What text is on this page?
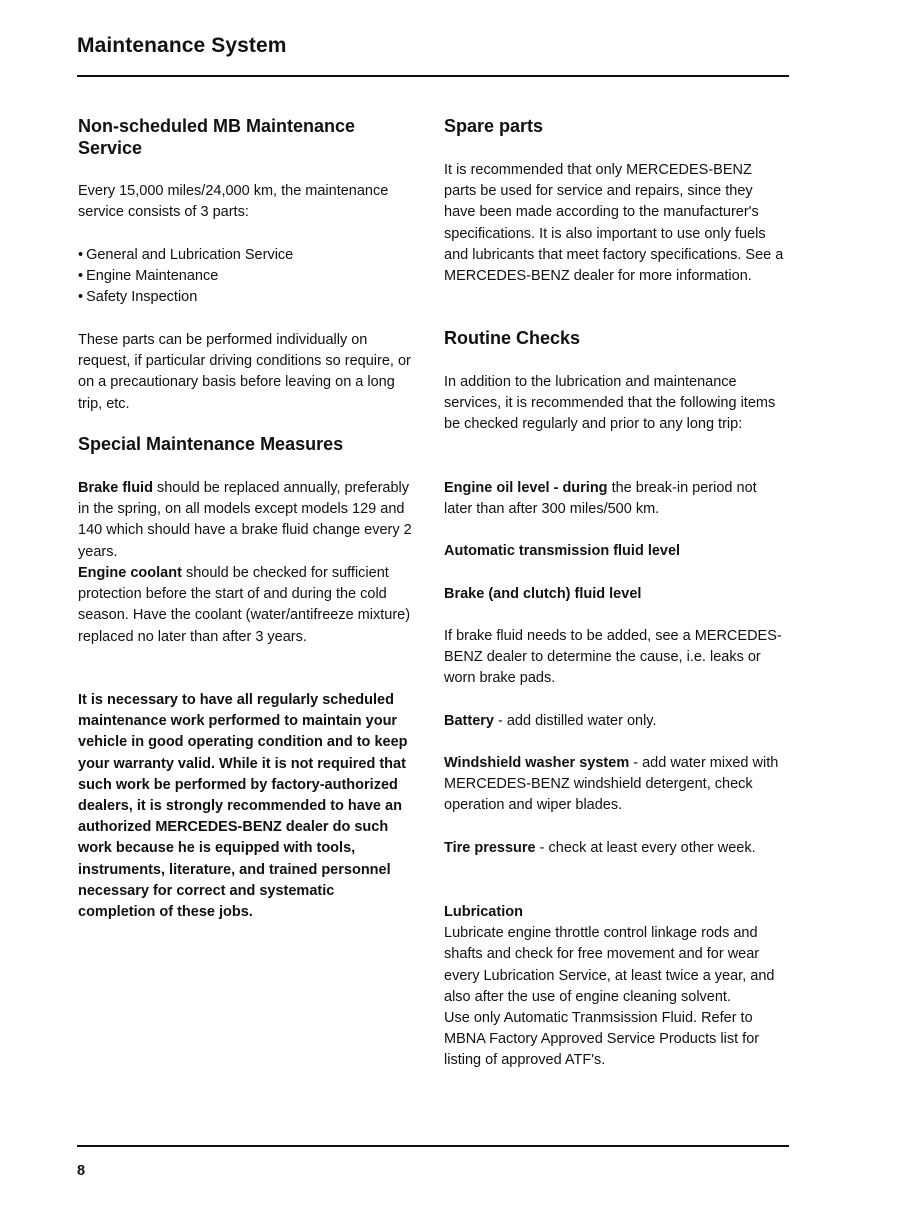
Maintenance System
Non-scheduled MB Maintenance Service

Every 15,000 miles/24,000 km, the maintenance service consists of 3 parts:

• General and Lubrication Service
• Engine Maintenance
• Safety Inspection

These parts can be performed individually on request, if particular driving conditions so require, or on a precautionary basis before leaving on a long trip, etc.

Special Maintenance Measures

Brake fluid should be replaced annually, preferably in the spring, on all models except models 129 and 140 which should have a brake fluid change every 2 years.

Engine coolant should be checked for sufficient protection before the start of and during the cold season. Have the coolant (water/antifreeze mixture) replaced no later than after 3 years.

It is necessary to have all regularly scheduled maintenance work performed to maintain your vehicle in good operating condition and to keep your warranty valid. While it is not required that such work be performed by factory-authorized dealers, it is strongly recommended to have an authorized MERCEDES-BENZ dealer do such work because he is equipped with tools, instruments, literature, and trained personnel necessary for correct and systematic completion of these jobs.

Spare parts

It is recommended that only MERCEDES-BENZ parts be used for service and repairs, since they have been made according to the manufacturer's specifications. It is also important to use only fuels and lubricants that meet factory specifications. See a MERCEDES-BENZ dealer for more information.

Routine Checks

In addition to the lubrication and maintenance services, it is recommended that the following items be checked regularly and prior to any long trip:

Engine oil level - during the break-in period not later than after 300 miles/500 km.

Automatic transmission fluid level

Brake (and clutch) fluid level

If brake fluid needs to be added, see a MERCEDES-BENZ dealer to determine the cause, i.e. leaks or worn brake pads.

Battery - add distilled water only.

Windshield washer system - add water mixed with MERCEDES-BENZ windshield detergent, check operation and wiper blades.

Tire pressure - check at least every other week.

Lubrication
Lubricate engine throttle control linkage rods and shafts and check for free movement and for wear every Lubrication Service, at least twice a year, and also after the use of engine cleaning solvent.
Use only Automatic Tranmsission Fluid. Refer to MBNA Factory Approved Service Products list for listing of approved ATF's.

8
